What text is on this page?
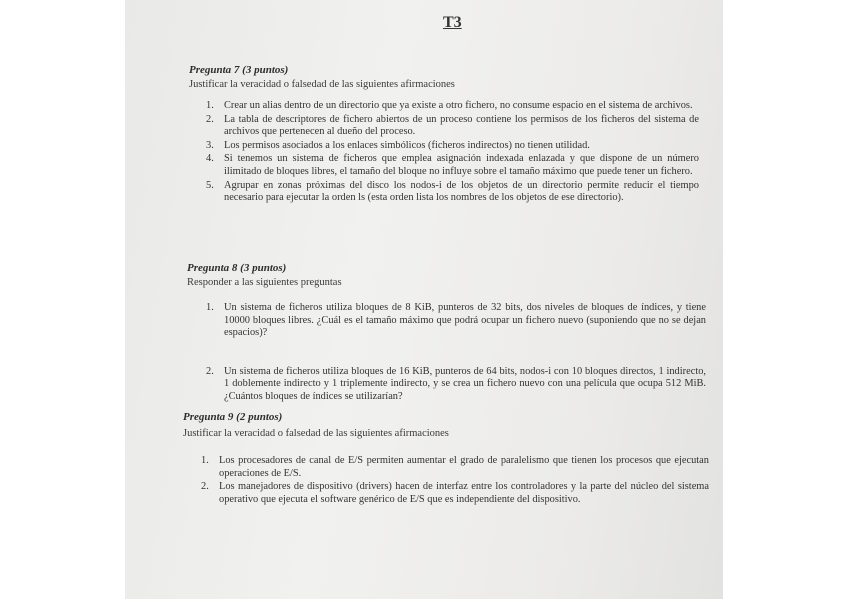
T3
Pregunta 7 (3 puntos)
Justificar la veracidad o falsedad de las siguientes afirmaciones
1. Crear un alias dentro de un directorio que ya existe a otro fichero, no consume espacio en el sistema de archivos.
2. La tabla de descriptores de fichero abiertos de un proceso contiene los permisos de los ficheros del sistema de archivos que pertenecen al dueño del proceso.
3. Los permisos asociados a los enlaces simbólicos (ficheros indirectos) no tienen utilidad.
4. Si tenemos un sistema de ficheros que emplea asignación indexada enlazada y que dispone de un número ilimitado de bloques libres, el tamaño del bloque no influye sobre el tamaño máximo que puede tener un fichero.
5. Agrupar en zonas próximas del disco los nodos-i de los objetos de un directorio permite reducir el tiempo necesario para ejecutar la orden ls (esta orden lista los nombres de los objetos de ese directorio).
Pregunta 8 (3 puntos)
Responder a las siguientes preguntas
1. Un sistema de ficheros utiliza bloques de 8 KiB, punteros de 32 bits, dos niveles de bloques de índices, y tiene 10000 bloques libres. ¿Cuál es el tamaño máximo que podrá ocupar un fichero nuevo (suponiendo que no se dejan espacios)?
2. Un sistema de ficheros utiliza bloques de 16 KiB, punteros de 64 bits, nodos-i con 10 bloques directos, 1 indirecto, 1 doblemente indirecto y 1 triplemente indirecto, y se crea un fichero nuevo con una película que ocupa 512 MiB. ¿Cuántos bloques de índices se utilizarían?
Pregunta 9 (2 puntos)
Justificar la veracidad o falsedad de las siguientes afirmaciones
1. Los procesadores de canal de E/S permiten aumentar el grado de paralelismo que tienen los procesos que ejecutan operaciones de E/S.
2. Los manejadores de dispositivo (drivers) hacen de interfaz entre los controladores y la parte del núcleo del sistema operativo que ejecuta el software genérico de E/S que es independiente del dispositivo.
